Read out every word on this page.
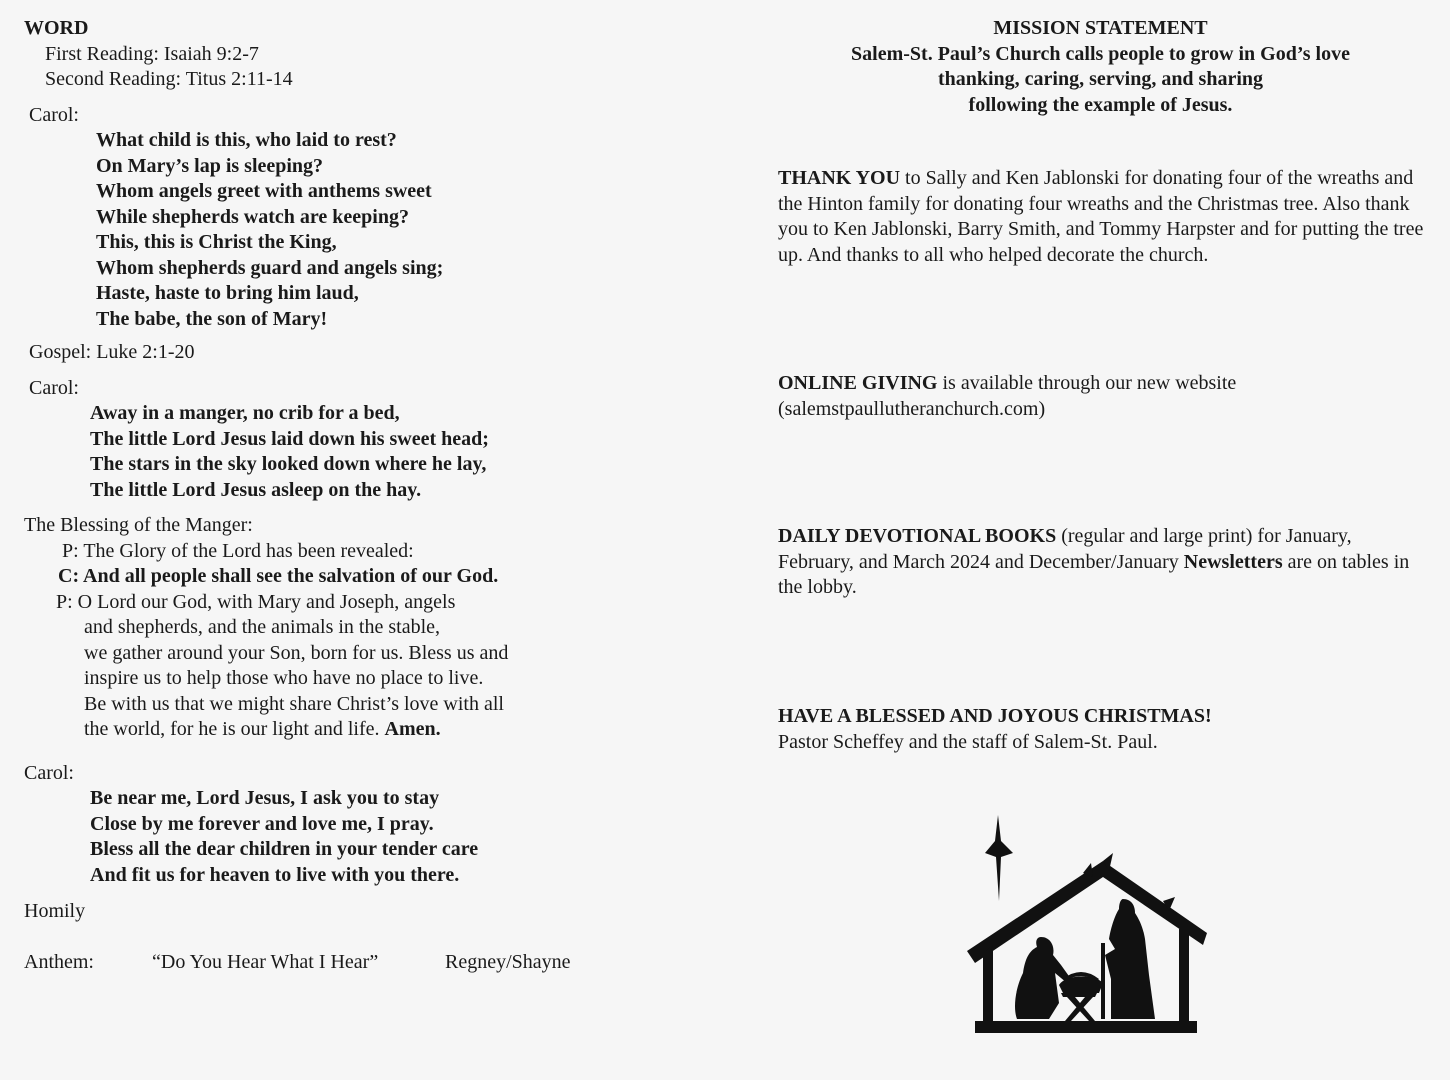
WORD
First Reading: Isaiah 9:2-7
Second Reading: Titus 2:11-14
Carol:
What child is this, who laid to rest?
On Mary’s lap is sleeping?
Whom angels greet with anthems sweet
While shepherds watch are keeping?
This, this is Christ the King,
Whom shepherds guard and angels sing;
Haste, haste to bring him laud,
The babe, the son of Mary!
Gospel: Luke 2:1-20
Carol:
Away in a manger, no crib for a bed,
The little Lord Jesus laid down his sweet head;
The stars in the sky looked down where he lay,
The little Lord Jesus asleep on the hay.
The Blessing of the Manger:
P: The Glory of the Lord has been revealed:
C: And all people shall see the salvation of our God.
P: O Lord our God, with Mary and Joseph, angels
and shepherds, and the animals in the stable,
we gather around your Son, born for us. Bless us and
inspire us to help those who have no place to live.
Be with us that we might share Christ’s love with all
the world, for he is our light and life. Amen.
Carol:
Be near me, Lord Jesus, I ask you to stay
Close by me forever and love me, I pray.
Bless all the dear children in your tender care
And fit us for heaven to live with you there.
Homily
Anthem:	“Do You Hear What I Hear”	Regney/Shayne
MISSION STATEMENT
Salem-St. Paul’s Church calls people to grow in God’s love
thanking, caring, serving, and sharing
following the example of Jesus.
THANK YOU to Sally and Ken Jablonski for donating four of the wreaths and the Hinton family for donating four wreaths and the Christmas tree. Also thank you to Ken Jablonski, Barry Smith, and Tommy Harpster and for putting the tree up. And thanks to all who helped decorate the church.
ONLINE GIVING is available through our new website (salemstpaullutheranchurch.com)
DAILY DEVOTIONAL BOOKS (regular and large print) for January, February, and March 2024 and December/January Newsletters are on tables in the lobby.
HAVE A BLESSED AND JOYOUS CHRISTMAS!
Pastor Scheffey and the staff of Salem-St. Paul.
